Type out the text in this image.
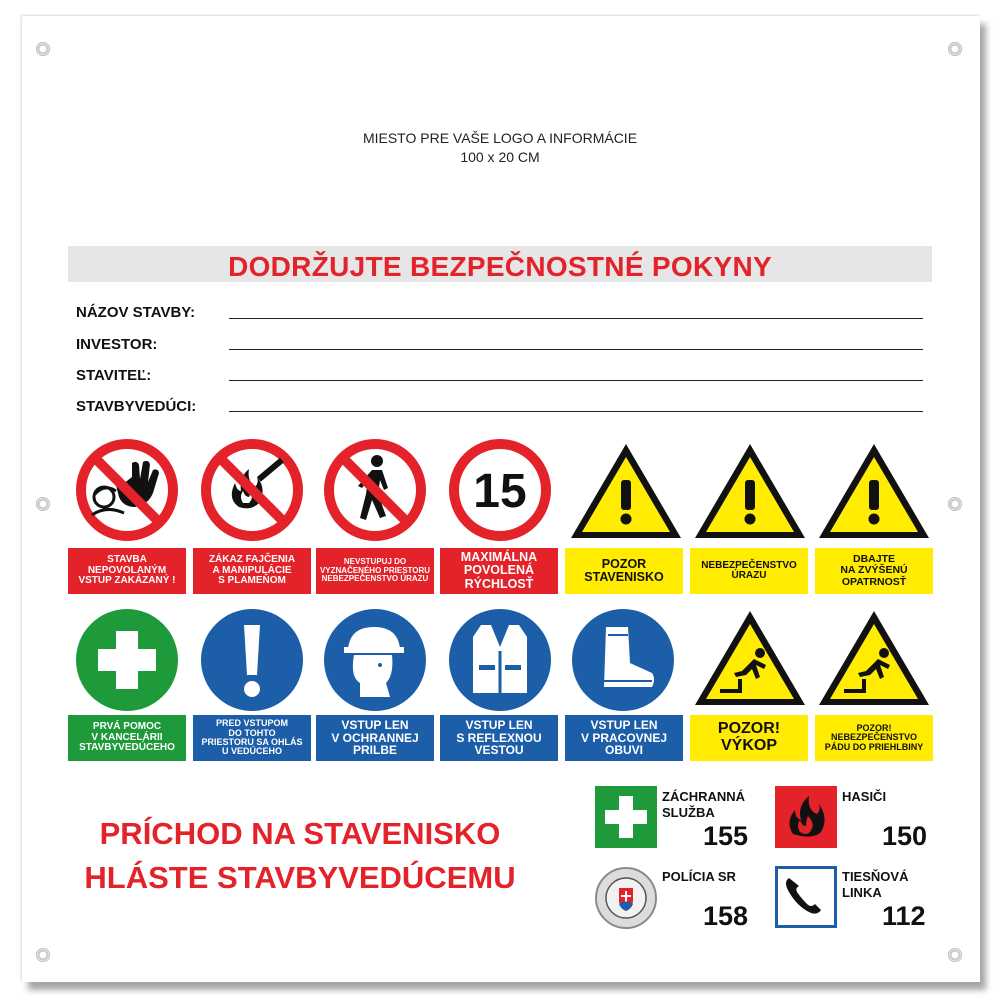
MIESTO PRE VAŠE LOGO A INFORMÁCIE
100 x 20 CM
DODRŽUJTE BEZPEČNOSTNÉ POKYNY
NÁZOV STAVBY:
INVESTOR:
STAVITEĽ:
STAVBYVEDÚCI:
15
STAVBA
NEPOVOLANÝM
VSTUP ZAKÁZANÝ !
ZÁKAZ FAJČENIA
A MANIPULÁCIE
S PLAMEŇOM
NEVSTUPUJ DO
VYZNAČENÉHO PRIESTORU
NEBEZPEČENSTVO ÚRAZU
MAXIMÁLNA
POVOLENÁ
RÝCHLOSŤ
POZOR
STAVENISKO
NEBEZPEČENSTVO
ÚRAZU
DBAJTE
NA ZVÝŠENÚ
OPATRNOSŤ
PRVÁ POMOC
V KANCELÁRII
STAVBYVEDÚCEHO
PRED VSTUPOM
DO TOHTO
PRIESTORU SA OHLÁS
U VEDÚCEHO
VSTUP LEN
V OCHRANNEJ
PRILBE
VSTUP LEN
S REFLEXNOU
VESTOU
VSTUP LEN
V PRACOVNEJ
OBUVI
POZOR!
VÝKOP
POZOR!
NEBEZPEČENSTVO
PÁDU DO PRIEHLBINY
PRÍCHOD NA STAVENISKO
HLÁSTE STAVBYVEDÚCEMU
ZÁCHRANNÁ
SLUŽBA
155
HASIČI
150
POLÍCIA SR
158
TIESŇOVÁ
LINKA
112
